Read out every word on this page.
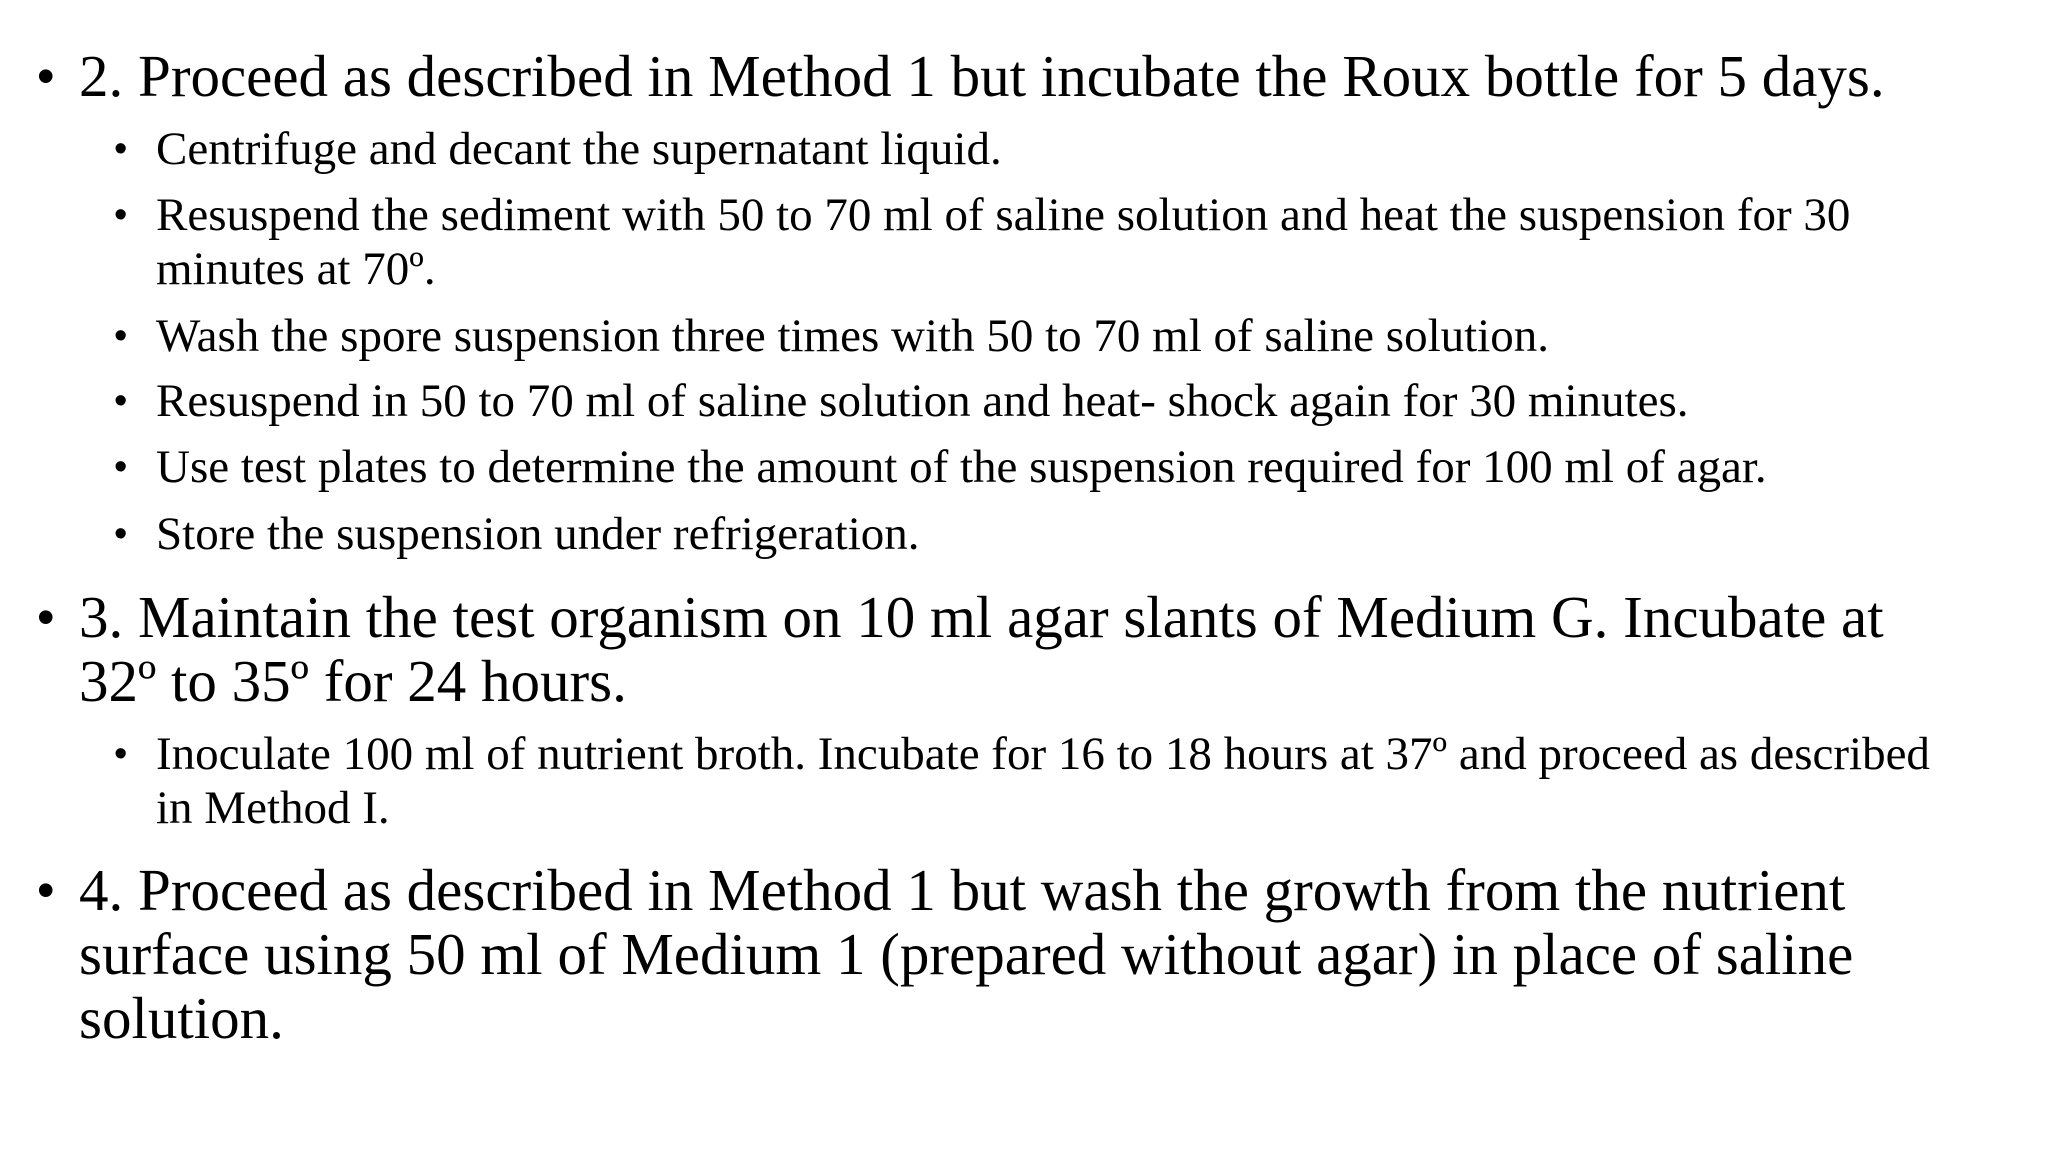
• 2. Proceed as described in Method 1 but incubate the Roux bottle for 5 days.
• Centrifuge and decant the supernatant liquid.
• Resuspend the sediment with 50 to 70 ml of saline solution and heat the suspension for 30 minutes at 70º.
• Wash the spore suspension three times with 50 to 70 ml of saline solution.
• Resuspend in 50 to 70 ml of saline solution and heat- shock again for 30 minutes.
• Use test plates to determine the amount of the suspension required for 100 ml of agar.
• Store the suspension under refrigeration.
• 3. Maintain the test organism on 10 ml agar slants of Medium G. Incubate at 32º to 35º for 24 hours.
• Inoculate 100 ml of nutrient broth. Incubate for 16 to 18 hours at 37º and proceed as described in Method I.
• 4. Proceed as described in Method 1 but wash the growth from the nutrient surface using 50 ml of Medium 1 (prepared without agar) in place of saline solution.
